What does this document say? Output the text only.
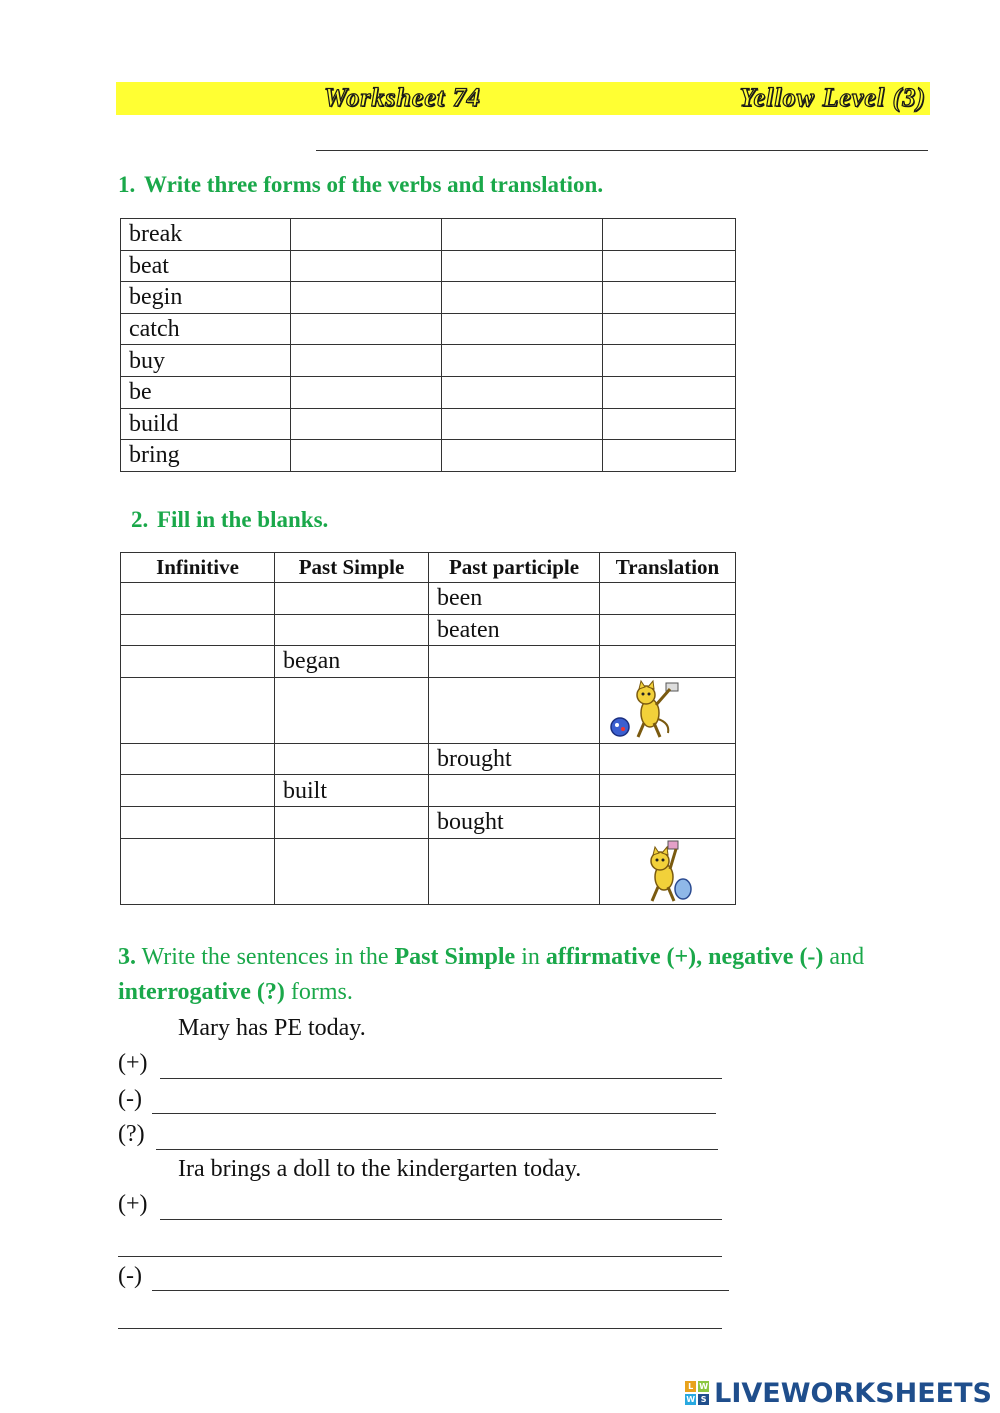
Worksheet 74	Yellow Level (3)
1. Write three forms of the verbs and translation.
break			
beat			
begin			
catch			
buy			
be			
build			
bring			
2. Fill in the blanks.
Infinitive	Past Simple	Past participle	Translation
		been	
		beaten	
	began		

		brought	
	built		
		bought	

3. Write the sentences in the Past Simple in affirmative (+), negative (-) and interrogative (?) forms.
Mary has PE today.
(+)
(-)
(?)
Ira brings a doll to the kindergarten today.
(+)
(-)
L W
W S LIVEWORKSHEETS
